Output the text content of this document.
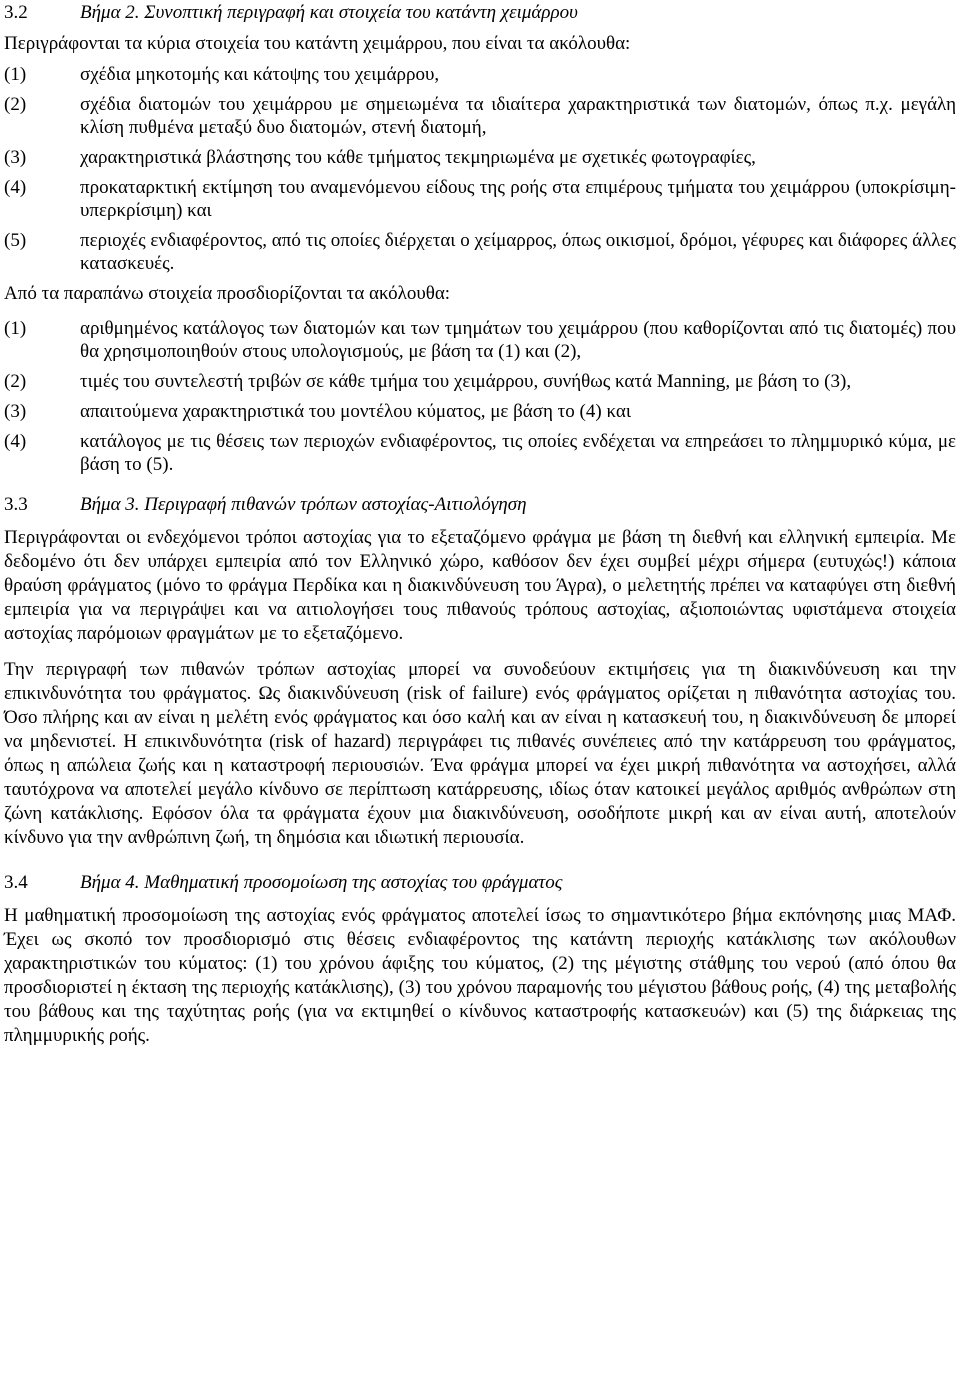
3.2	Βήμα 2. Συνοπτική περιγραφή και στοιχεία του κατάντη χειμάρρου

Περιγράφονται τα κύρια στοιχεία του κατάντη χειμάρρου, που είναι τα ακόλουθα:

(1)	σχέδια μηκοτομής και κάτοψης του χειμάρρου,
(2)	σχέδια διατομών του χειμάρρου με σημειωμένα τα ιδιαίτερα χαρακτηριστικά των διατομών, όπως π.χ. μεγάλη κλίση πυθμένα μεταξύ δυο διατομών, στενή διατομή,
(3)	χαρακτηριστικά βλάστησης του κάθε τμήματος τεκμηριωμένα με σχετικές φωτογραφίες,
(4)	προκαταρκτική εκτίμηση του αναμενόμενου είδους της ροής στα επιμέρους τμήματα του χειμάρρου (υποκρίσιμη-υπερκρίσιμη) και
(5)	περιοχές ενδιαφέροντος, από τις οποίες διέρχεται ο χείμαρρος, όπως οικισμοί, δρόμοι, γέφυρες και διάφορες άλλες κατασκευές.

Από τα παραπάνω στοιχεία προσδιορίζονται τα ακόλουθα:

(1)	αριθμημένος κατάλογος των διατομών και των τμημάτων του χειμάρρου (που καθορίζονται από τις διατομές) που θα χρησιμοποιηθούν στους υπολογισμούς, με βάση τα (1) και (2),
(2)	τιμές του συντελεστή τριβών σε κάθε τμήμα του χειμάρρου, συνήθως κατά Manning, με βάση το (3),
(3)	απαιτούμενα χαρακτηριστικά του μοντέλου κύματος, με βάση το (4) και
(4)	κατάλογος με τις θέσεις των περιοχών ενδιαφέροντος, τις οποίες ενδέχεται να επηρεάσει το πλημμυρικό κύμα, με βάση το (5).
3.3	Βήμα 3. Περιγραφή πιθανών τρόπων αστοχίας-Αιτιολόγηση

Περιγράφονται οι ενδεχόμενοι τρόποι αστοχίας για το εξεταζόμενο φράγμα με βάση τη διεθνή και ελληνική εμπειρία. Με δεδομένο ότι δεν υπάρχει εμπειρία από τον Ελληνικό χώρο, καθόσον δεν έχει συμβεί μέχρι σήμερα (ευτυχώς!) κάποια θραύση φράγματος (μόνο το φράγμα Περδίκα και η διακινδύνευση του Άγρα), ο μελετητής πρέπει να καταφύγει στη διεθνή εμπειρία για να περιγράψει και να αιτιολογήσει τους πιθανούς τρόπους αστοχίας, αξιοποιώντας υφιστάμενα στοιχεία αστοχίας παρόμοιων φραγμάτων με το εξεταζόμενο.

Την περιγραφή των πιθανών τρόπων αστοχίας μπορεί να συνοδεύουν εκτιμήσεις για τη διακινδύνευση και την επικινδυνότητα του φράγματος. Ως διακινδύνευση (risk of failure) ενός φράγματος ορίζεται η πιθανότητα αστοχίας του. Όσο πλήρης και αν είναι η μελέτη ενός φράγματος και όσο καλή και αν είναι η κατασκευή του, η διακινδύνευση δε μπορεί να μηδενιστεί. Η επικινδυνότητα (risk of hazard) περιγράφει τις πιθανές συνέπειες από την κατάρρευση του φράγματος, όπως η απώλεια ζωής και η καταστροφή περιουσιών. Ένα φράγμα μπορεί να έχει μικρή πιθανότητα να αστοχήσει, αλλά ταυτόχρονα να αποτελεί μεγάλο κίνδυνο σε περίπτωση κατάρρευσης, ιδίως όταν κατοικεί μεγάλος αριθμός ανθρώπων στη ζώνη κατάκλισης. Εφόσον όλα τα φράγματα έχουν μια διακινδύνευση, οσοδήποτε μικρή και αν είναι αυτή, αποτελούν κίνδυνο για την ανθρώπινη ζωή, τη δημόσια και ιδιωτική περιουσία.

3.4	Βήμα 4. Μαθηματική προσομοίωση της αστοχίας του φράγματος

Η μαθηματική προσομοίωση της αστοχίας ενός φράγματος αποτελεί ίσως το σημαντικότερο βήμα εκπόνησης μιας ΜΑΦ. Έχει ως σκοπό τον προσδιορισμό στις θέσεις ενδιαφέροντος της κατάντη περιοχής κατάκλισης των ακόλουθων χαρακτηριστικών του κύματος: (1) του χρόνου άφιξης του κύματος, (2) της μέγιστης στάθμης του νερού (από όπου θα προσδιοριστεί η έκταση της περιοχής κατάκλισης), (3) του χρόνου παραμονής του μέγιστου βάθους ροής, (4) της μεταβολής του βάθους και της ταχύτητας ροής (για να εκτιμηθεί ο κίνδυνος καταστροφής κατασκευών) και (5) της διάρκειας της πλημμυρικής ροής.
